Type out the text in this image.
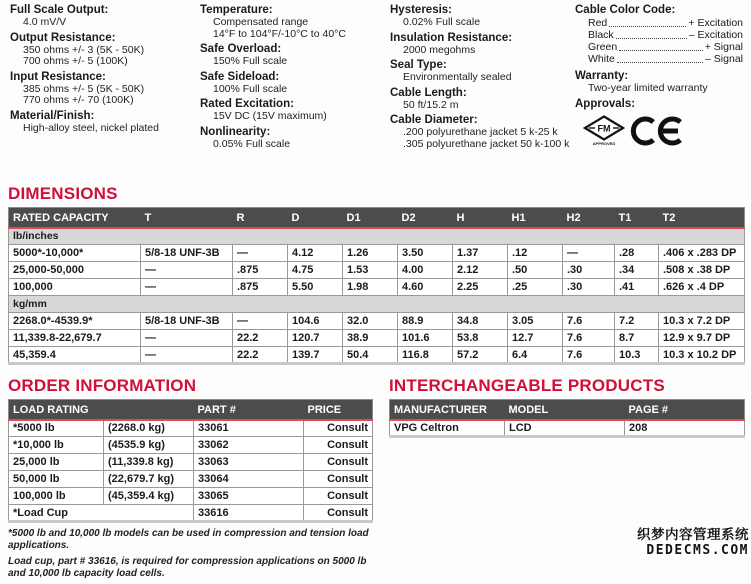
Full Scale Output:
4.0 mV/V
Output Resistance:
350 ohms +/- 3 (5K - 50K)
700 ohms +/- 5 (100K)
Input Resistance:
385 ohms +/- 5 (5K - 50K)
770 ohms +/- 70 (100K)
Material/Finish:
High-alloy steel, nickel plated
Temperature:
Compensated range
14°F to 104°F/-10°C to 40°C
Safe Overload:
150% Full scale
Safe Sideload:
100% Full scale
Rated Excitation:
15V DC (15V maximum)
Nonlinearity:
0.05% Full scale
Hysteresis:
0.02% Full scale
Insulation Resistance:
2000 megohms
Seal Type:
Environmentally sealed
Cable Length:
50 ft/15.2 m
Cable Diameter:
.200 polyurethane jacket 5 k-25 k
.305 polyurethane jacket 50 k-100 k
Cable Color Code:
Red	+ Excitation
Black	– Excitation
Green	+ Signal
White	– Signal
Warranty:
Two-year limited warranty
Approvals:
FM
APPROVED
DIMENSIONS
RATED CAPACITY	T	R	D	D1	D2	H	H1	H2	T1	T2
lb/inches										
5000*-10,000*	5/8-18 UNF-3B	—	4.12	1.26	3.50	1.37	.12	—	.28	.406 x .283 DP
25,000-50,000	—	.875	4.75	1.53	4.00	2.12	.50	.30	.34	.508 x .38 DP
100,000	—	.875	5.50	1.98	4.60	2.25	.25	.30	.41	.626 x .4 DP
kg/mm										
2268.0*-4539.9*	5/8-18 UNF-3B	—	104.6	32.0	88.9	34.8	3.05	7.6	7.2	10.3 x 7.2 DP
11,339.8-22,679.7	—	22.2	120.7	38.9	101.6	53.8	12.7	7.6	8.7	12.9 x 9.7 DP
45,359.4	—	22.2	139.7	50.4	116.8	57.2	6.4	7.6	10.3	10.3 x 10.2 DP
ORDER INFORMATION
LOAD RATING		PART #	PRICE
*5000 lb	(2268.0 kg)	33061	Consult
*10,000 lb	(4535.9 kg)	33062	Consult
25,000 lb	(11,339.8 kg)	33063	Consult
50,000 lb	(22,679.7 kg)	33064	Consult
100,000 lb	(45,359.4 kg)	33065	Consult
*Load Cup		33616	Consult
*5000 lb and 10,000 lb models can be used in compression and tension load applications.
Load cup, part # 33616, is required for compression applications on 5000 lb and 10,000 lb capacity load cells.
INTERCHANGEABLE PRODUCTS
MANUFACTURER	MODEL	PAGE #
VPG Celtron	LCD	208
织梦内容管理系统
DEDECMS.COM
